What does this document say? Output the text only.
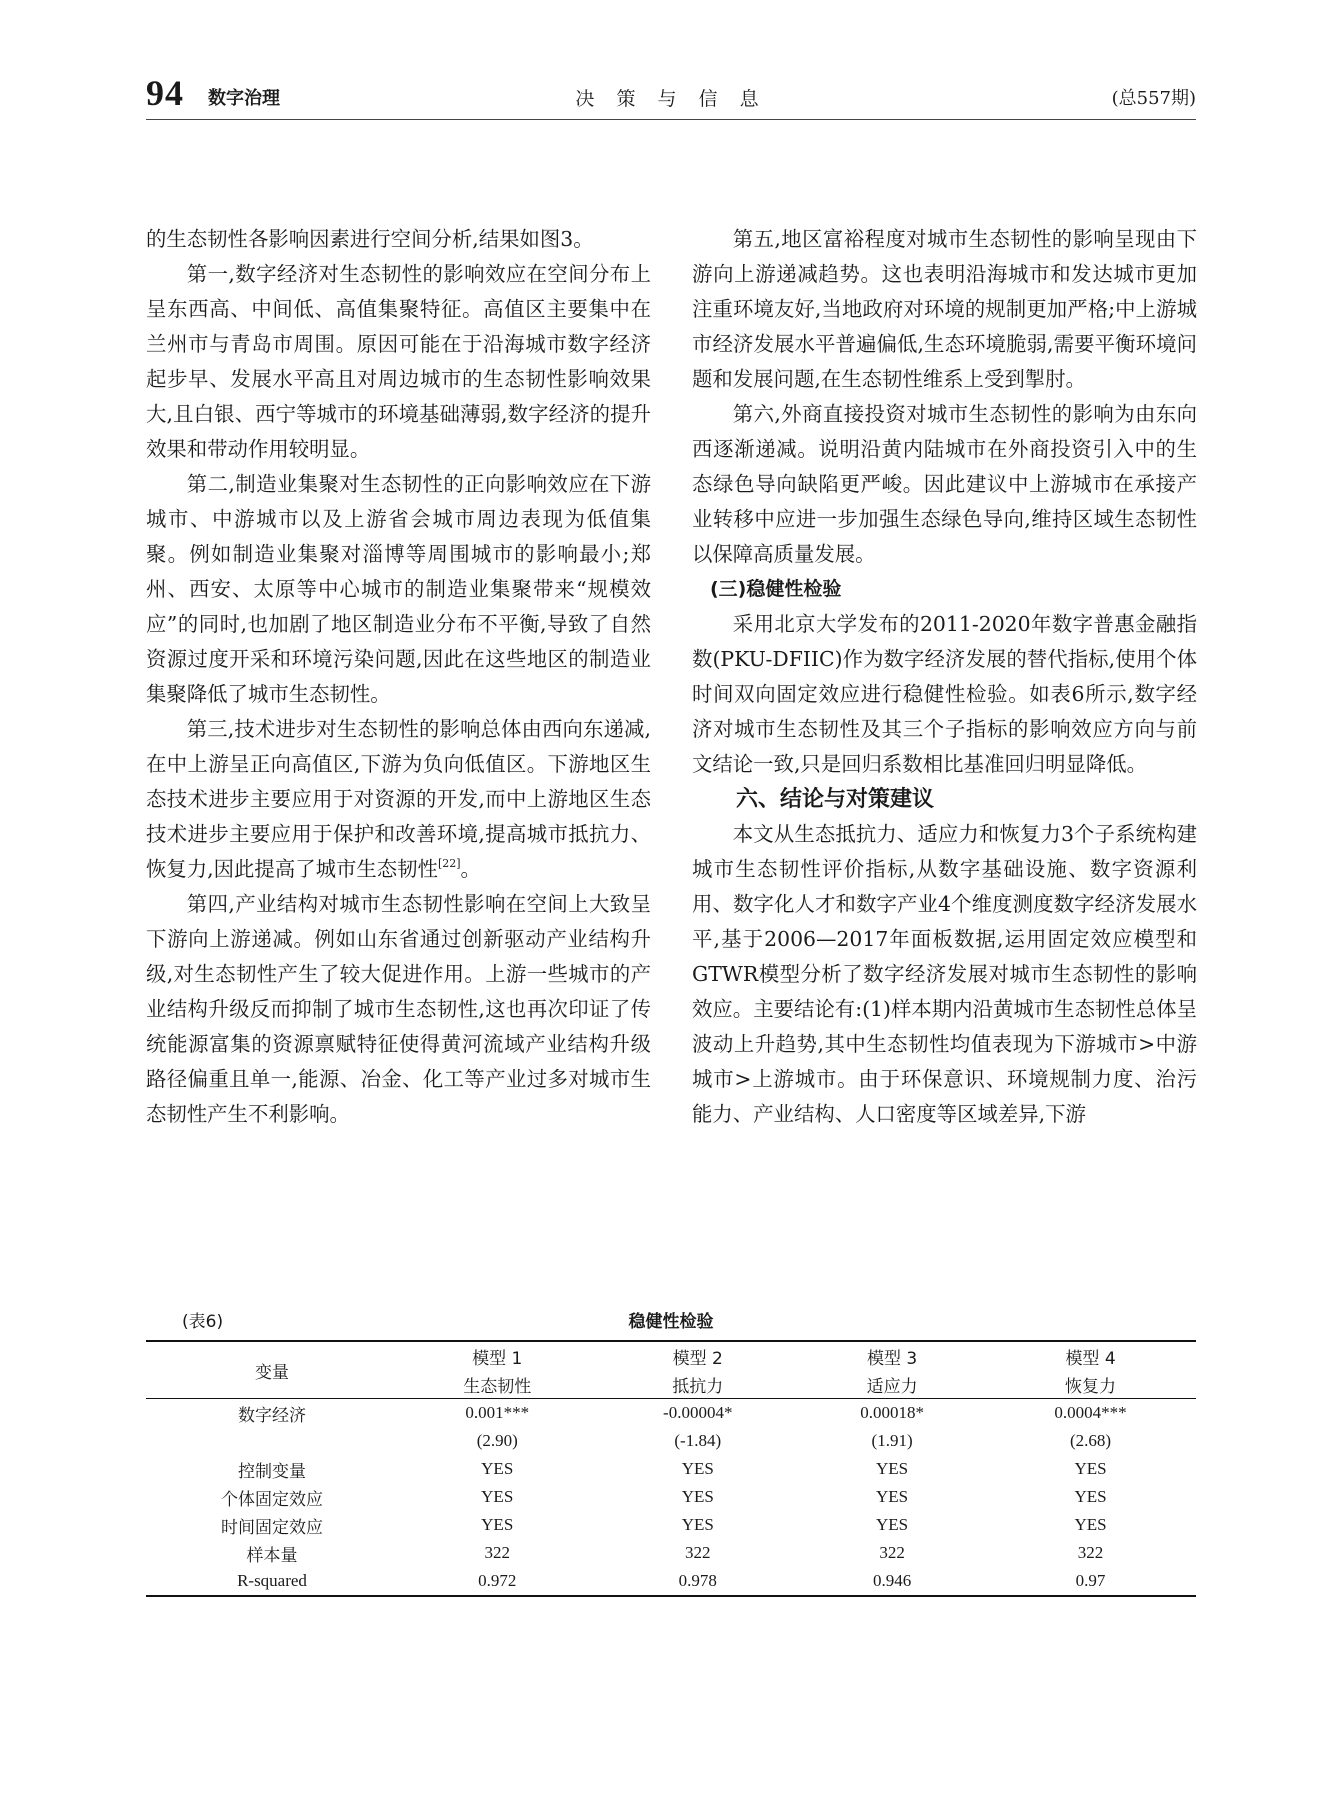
94 数字治理	决 策 与 信 息	(总557期)

的生态韧性各影响因素进行空间分析,结果如图3。

第一,数字经济对生态韧性的影响效应在空间分布上呈东西高、中间低、高值集聚特征。高值区主要集中在兰州市与青岛市周围。原因可能在于沿海城市数字经济起步早、发展水平高且对周边城市的生态韧性影响效果大,且白银、西宁等城市的环境基础薄弱,数字经济的提升效果和带动作用较明显。

第二,制造业集聚对生态韧性的正向影响效应在下游城市、中游城市以及上游省会城市周边表现为低值集聚。例如制造业集聚对淄博等周围城市的影响最小;郑州、西安、太原等中心城市的制造业集聚带来“规模效应”的同时,也加剧了地区制造业分布不平衡,导致了自然资源过度开采和环境污染问题,因此在这些地区的制造业集聚降低了城市生态韧性。

第三,技术进步对生态韧性的影响总体由西向东递减,在中上游呈正向高值区,下游为负向低值区。下游地区生态技术进步主要应用于对资源的开发,而中上游地区生态技术进步主要应用于保护和改善环境,提高城市抵抗力、恢复力,因此提高了城市生态韧性[22]。

第四,产业结构对城市生态韧性影响在空间上大致呈下游向上游递减。例如山东省通过创新驱动产业结构升级,对生态韧性产生了较大促进作用。上游一些城市的产业结构升级反而抑制了城市生态韧性,这也再次印证了传统能源富集的资源禀赋特征使得黄河流域产业结构升级路径偏重且单一,能源、冶金、化工等产业过多对城市生态韧性产生不利影响。

第五,地区富裕程度对城市生态韧性的影响呈现由下游向上游递减趋势。这也表明沿海城市和发达城市更加注重环境友好,当地政府对环境的规制更加严格;中上游城市经济发展水平普遍偏低,生态环境脆弱,需要平衡环境问题和发展问题,在生态韧性维系上受到掣肘。

第六,外商直接投资对城市生态韧性的影响为由东向西逐渐递减。说明沿黄内陆城市在外商投资引入中的生态绿色导向缺陷更严峻。因此建议中上游城市在承接产业转移中应进一步加强生态绿色导向,维持区域生态韧性以保障高质量发展。

(三)稳健性检验

采用北京大学发布的2011-2020年数字普惠金融指数(PKU-DFIIC)作为数字经济发展的替代指标,使用个体时间双向固定效应进行稳健性检验。如表6所示,数字经济对城市生态韧性及其三个子指标的影响效应方向与前文结论一致,只是回归系数相比基准回归明显降低。

六、结论与对策建议

本文从生态抵抗力、适应力和恢复力3个子系统构建城市生态韧性评价指标,从数字基础设施、数字资源利用、数字化人才和数字产业4个维度测度数字经济发展水平,基于2006—2017年面板数据,运用固定效应模型和GTWR模型分析了数字经济发展对城市生态韧性的影响效应。主要结论有:(1)样本期内沿黄城市生态韧性总体呈波动上升趋势,其中生态韧性均值表现为下游城市>中游城市>上游城市。由于环保意识、环境规制力度、治污能力、产业结构、人口密度等区域差异,下游

(表6)	稳健性检验
变量	模型 1	模型 2	模型 3	模型 4
	生态韧性	抵抗力	适应力	恢复力
数字经济	0.001***	-0.00004*	0.00018*	0.0004***
	(2.90)	(-1.84)	(1.91)	(2.68)
控制变量	YES	YES	YES	YES
个体固定效应	YES	YES	YES	YES
时间固定效应	YES	YES	YES	YES
样本量	322	322	322	322
R-squared	0.972	0.978	0.946	0.97
